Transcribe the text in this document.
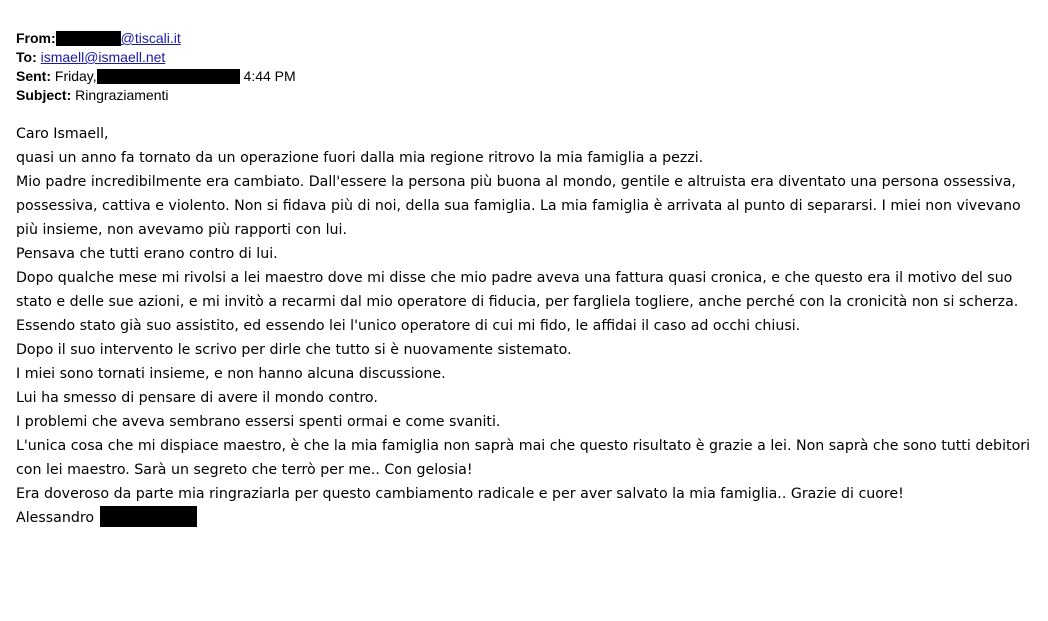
From:	@tiscali.it
To: ismaell@ismaell.net
Sent: Friday,	4:44 PM
Subject: Ringraziamenti

Caro Ismaell,

quasi un anno fa tornato da un operazione fuori dalla mia regione ritrovo la mia famiglia a pezzi.

Mio padre incredibilmente era cambiato. Dall'essere la persona più buona al mondo, gentile e altruista era diventato una persona ossessiva, possessiva, cattiva e violento. Non si fidava più di noi, della sua famiglia. La mia famiglia è arrivata al punto di separarsi. I miei non vivevano più insieme, non avevamo più rapporti con lui.

Pensava che tutti erano contro di lui.

Dopo qualche mese mi rivolsi a lei maestro dove mi disse che mio padre aveva una fattura quasi cronica, e che questo era il motivo del suo stato e delle sue azioni, e mi invitò a recarmi dal mio operatore di fiducia, per fargliela togliere, anche perché con la cronicità non si scherza.

Essendo stato già suo assistito, ed essendo lei l'unico operatore di cui mi fido, le affidai il caso ad occhi chiusi.

Dopo il suo intervento le scrivo per dirle che tutto si è nuovamente sistemato.

I miei sono tornati insieme, e non hanno alcuna discussione.

Lui ha smesso di pensare di avere il mondo contro.

I problemi che aveva sembrano essersi spenti ormai e come svaniti.

L'unica cosa che mi dispiace maestro, è che la mia famiglia non saprà mai che questo risultato è grazie a lei. Non saprà che sono tutti debitori con lei maestro. Sarà un segreto che terrò per me.. Con gelosia!

Era doveroso da parte mia ringraziarla per questo cambiamento radicale e per aver salvato la mia famiglia.. Grazie di cuore!

Alessandro
